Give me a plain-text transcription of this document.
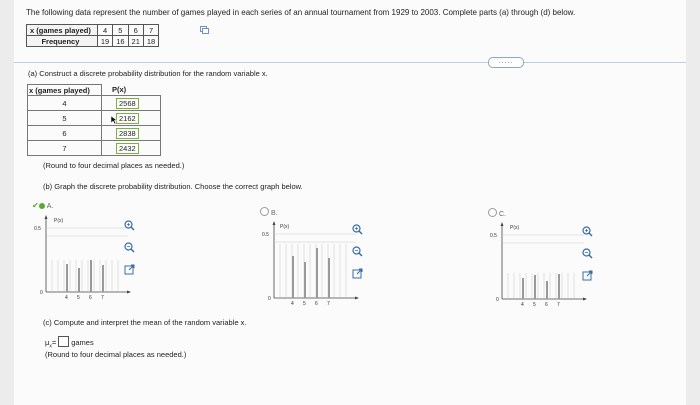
The following data represent the number of games played in each series of an annual tournament from 1929 to 2003. Complete parts (a) through (d) below.
x (games played)	4	5	6	7
Frequency	19	16	21	18
.....
(a) Construct a discrete probability distribution for the random variable x.
x (games played)	P(x)
4	2568
5	2162
6	2838
7	2432
(Round to four decimal places as needed.)
(b) Graph the discrete probability distribution. Choose the correct graph below.
✔ A.
P(x)
0.5
0
4 5 6 7
B.
P(x)
0.5
0
4 5 6 7
C.
P(x)
0.5
0
4 5 6 7
(c) Compute and interpret the mean of the random variable x.
$\mu_x=$ games
(Round to four decimal places as needed.)
